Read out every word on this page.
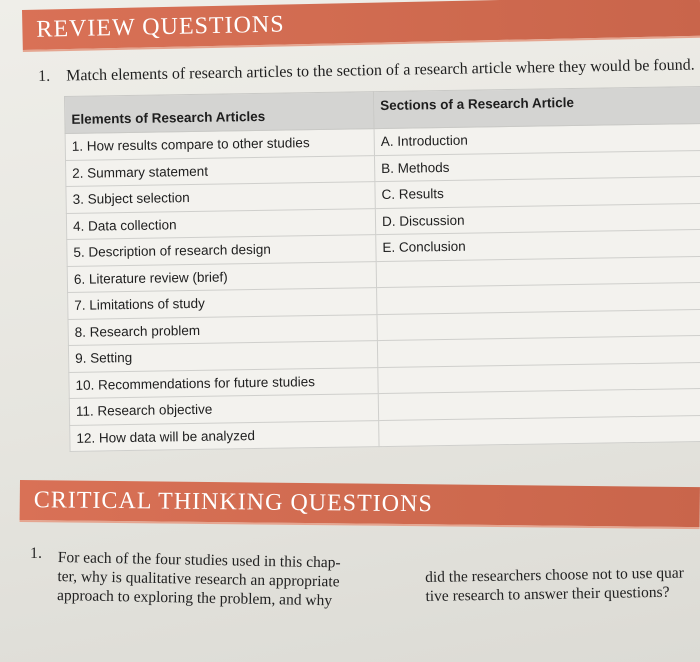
REVIEW QUESTIONS
1. Match elements of research articles to the section of a research article where they would be found.
Elements of Research Articles	Sections of a Research Article
1. How results compare to other studies	A. Introduction
2. Summary statement	B. Methods
3. Subject selection	C. Results
4. Data collection	D. Discussion
5. Description of research design	E. Conclusion
6. Literature review (brief)	
7. Limitations of study	
8. Research problem	
9. Setting	
10. Recommendations for future studies	
11. Research objective	
12. How data will be analyzed	
CRITICAL THINKING QUESTIONS
1. For each of the four studies used in this chap-
ter, why is qualitative research an appropriate
approach to exploring the problem, and why
did the researchers choose not to use quar
tive research to answer their questions?
